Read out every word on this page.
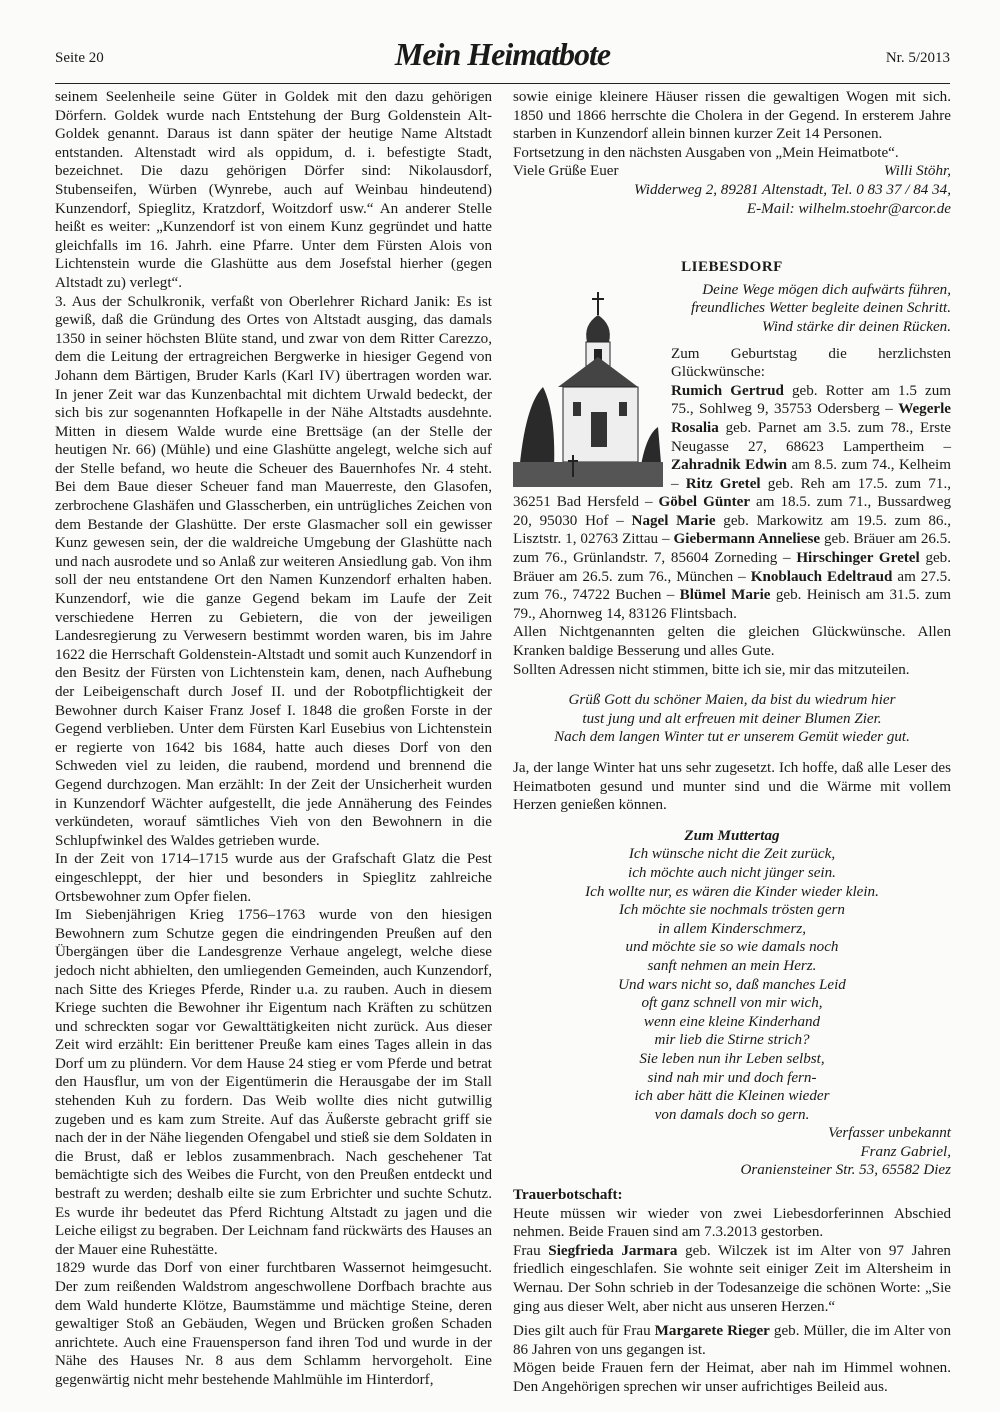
Seite 20	Mein Heimatbote	Nr. 5/2013

seinem Seelenheile seine Güter in Goldek mit den dazu gehörigen Dörfern. Goldek wurde nach Entstehung der Burg Goldenstein Alt-Goldek genannt. Daraus ist dann später der heutige Name Altstadt entstanden. Altenstadt wird als oppidum, d. i. befestigte Stadt, bezeichnet. Die dazu gehörigen Dörfer sind: Nikolausdorf, Stubenseifen, Würben (Wynrebe, auch auf Weinbau hindeutend) Kunzendorf, Spieglitz, Kratzdorf, Woitzdorf usw.“ An anderer Stelle heißt es weiter: „Kunzendorf ist von einem Kunz gegründet und hatte gleichfalls im 16. Jahrh. eine Pfarre. Unter dem Fürsten Alois von Lichtenstein wurde die Glashütte aus dem Josefstal hierher (gegen Altstadt zu) verlegt“.

3. Aus der Schulkronik, verfaßt von Oberlehrer Richard Janik: Es ist gewiß, daß die Gründung des Ortes von Altstadt ausging, das damals 1350 in seiner höchsten Blüte stand, und zwar von dem Ritter Carezzo, dem die Leitung der ertragreichen Bergwerke in hiesiger Gegend von Johann dem Bärtigen, Bruder Karls (Karl IV) übertragen worden war. In jener Zeit war das Kunzenbachtal mit dichtem Urwald bedeckt, der sich bis zur sogenannten Hofkapelle in der Nähe Altstadts ausdehnte. Mitten in diesem Walde wurde eine Brettsäge (an der Stelle der heutigen Nr. 66) (Mühle) und eine Glashütte angelegt, welche sich auf der Stelle befand, wo heute die Scheuer des Bauernhofes Nr. 4 steht. Bei dem Baue dieser Scheuer fand man Mauerreste, den Glasofen, zerbrochene Glashäfen und Glasscherben, ein untrügliches Zeichen von dem Bestande der Glashütte. Der erste Glasmacher soll ein gewisser Kunz gewesen sein, der die waldreiche Umgebung der Glashütte nach und nach ausrodete und so Anlaß zur weiteren Ansiedlung gab. Von ihm soll der neu entstandene Ort den Namen Kunzendorf erhalten haben. Kunzendorf, wie die ganze Gegend bekam im Laufe der Zeit verschiedene Herren zu Gebietern, die von der jeweiligen Landesregierung zu Verwesern bestimmt worden waren, bis im Jahre 1622 die Herrschaft Goldenstein-Altstadt und somit auch Kunzendorf in den Besitz der Fürsten von Lichtenstein kam, denen, nach Aufhebung der Leibeigenschaft durch Josef II. und der Robotpflichtigkeit der Bewohner durch Kaiser Franz Josef I. 1848 die großen Forste in der Gegend verblieben. Unter dem Fürsten Karl Eusebius von Lichtenstein er regierte von 1642 bis 1684, hatte auch dieses Dorf von den Schweden viel zu leiden, die raubend, mordend und brennend die Gegend durchzogen. Man erzählt: In der Zeit der Unsicherheit wurden in Kunzendorf Wächter aufgestellt, die jede Annäherung des Feindes verkündeten, worauf sämtliches Vieh von den Bewohnern in die Schlupfwinkel des Waldes getrieben wurde.

In der Zeit von 1714–1715 wurde aus der Grafschaft Glatz die Pest eingeschleppt, der hier und besonders in Spieglitz zahlreiche Ortsbewohner zum Opfer fielen.

Im Siebenjährigen Krieg 1756–1763 wurde von den hiesigen Bewohnern zum Schutze gegen die eindringenden Preußen auf den Übergängen über die Landesgrenze Verhaue angelegt, welche diese jedoch nicht abhielten, den umliegenden Gemeinden, auch Kunzendorf, nach Sitte des Krieges Pferde, Rinder u.a. zu rauben. Auch in diesem Kriege suchten die Bewohner ihr Eigentum nach Kräften zu schützen und schreckten sogar vor Gewalttätigkeiten nicht zurück. Aus dieser Zeit wird erzählt: Ein berittener Preuße kam eines Tages allein in das Dorf um zu plündern. Vor dem Hause 24 stieg er vom Pferde und betrat den Hausflur, um von der Eigentümerin die Herausgabe der im Stall stehenden Kuh zu fordern. Das Weib wollte dies nicht gutwillig zugeben und es kam zum Streite. Auf das Äußerste gebracht griff sie nach der in der Nähe liegenden Ofengabel und stieß sie dem Soldaten in die Brust, daß er leblos zusammenbrach. Nach geschehener Tat bemächtigte sich des Weibes die Furcht, von den Preußen entdeckt und bestraft zu werden; deshalb eilte sie zum Erbrichter und suchte Schutz. Es wurde ihr bedeutet das Pferd Richtung Altstadt zu jagen und die Leiche eiligst zu begraben. Der Leichnam fand rückwärts des Hauses an der Mauer eine Ruhestätte.

1829 wurde das Dorf von einer furchtbaren Wassernot heimgesucht. Der zum reißenden Waldstrom angeschwollene Dorfbach brachte aus dem Wald hunderte Klötze, Baumstämme und mächtige Steine, deren gewaltiger Stoß an Gebäuden, Wegen und Brücken großen Schaden anrichtete. Auch eine Frauensperson fand ihren Tod und wurde in der Nähe des Hauses Nr. 8 aus dem Schlamm hervorgeholt. Eine gegenwärtig nicht mehr bestehende Mahlmühle im Hinterdorf,

sowie einige kleinere Häuser rissen die gewaltigen Wogen mit sich. 1850 und 1866 herrschte die Cholera in der Gegend. In ersterem Jahre starben in Kunzendorf allein binnen kurzer Zeit 14 Personen.

Fortsetzung in den nächsten Ausgaben von „Mein Heimatbote“.

Viele Grüße Euer	Willi Stöhr,

Widderweg 2, 89281 Altenstadt, Tel. 0 83 37 / 84 34,

E-Mail: wilhelm.stoehr@arcor.de

LIEBESDORF
Deine Wege mögen dich aufwärts führen,
freundliches Wetter begleite deinen Schritt.
Wind stärke dir deinen Rücken.

Zum Geburtstag die herzlichsten Glückwünsche:

Rumich Gertrud geb. Rotter am 1.5 zum 75., Sohlweg 9, 35753 Odersberg – Wegerle Rosalia geb. Parnet am 3.5. zum 78., Erste Neugasse 27, 68623 Lampertheim – Zahradnik Edwin am 8.5. zum 74., Kelheim – Ritz Gretel geb. Reh am 17.5. zum 71., 36251 Bad Hersfeld – Göbel Günter am 18.5. zum 71., Bussardweg 20, 95030 Hof – Nagel Marie geb. Markowitz am 19.5. zum 86., Lisztstr. 1, 02763 Zittau – Giebermann Anneliese geb. Bräuer am 26.5. zum 76., Grünlandstr. 7, 85604 Zorneding – Hirschinger Gretel geb. Bräuer am 26.5. zum 76., München – Knoblauch Edeltraud am 27.5. zum 76., 74722 Buchen – Blümel Marie geb. Heinisch am 31.5. zum 79., Ahornweg 14, 83126 Flintsbach.

Allen Nichtgenannten gelten die gleichen Glückwünsche. Allen Kranken baldige Besserung und alles Gute.

Sollten Adressen nicht stimmen, bitte ich sie, mir das mitzuteilen.

Grüß Gott du schöner Maien, da bist du wiedrum hier
tust jung und alt erfreuen mit deiner Blumen Zier.
Nach dem langen Winter tut er unserem Gemüt wieder gut.

Ja, der lange Winter hat uns sehr zugesetzt. Ich hoffe, daß alle Leser des Heimatboten gesund und munter sind und die Wärme mit vollem Herzen genießen können.

Zum Muttertag
Ich wünsche nicht die Zeit zurück,
ich möchte auch nicht jünger sein.
Ich wollte nur, es wären die Kinder wieder klein.
Ich möchte sie nochmals trösten gern
in allem Kinderschmerz,
und möchte sie so wie damals noch
sanft nehmen an mein Herz.
Und wars nicht so, daß manches Leid
oft ganz schnell von mir wich,
wenn eine kleine Kinderhand
mir lieb die Stirne strich?
Sie leben nun ihr Leben selbst,
sind nah mir und doch fern-
ich aber hätt die Kleinen wieder
von damals doch so gern.

Verfasser unbekannt

Franz Gabriel,

Oraniensteiner Str. 53, 65582 Diez

Trauerbotschaft:

Heute müssen wir wieder von zwei Liebesdorferinnen Abschied nehmen. Beide Frauen sind am 7.3.2013 gestorben.

Frau Siegfrieda Jarmara geb. Wilczek ist im Alter von 97 Jahren friedlich eingeschlafen. Sie wohnte seit einiger Zeit im Altersheim in Wernau. Der Sohn schrieb in der Todesanzeige die schönen Worte: „Sie ging aus dieser Welt, aber nicht aus unseren Herzen.“

Dies gilt auch für Frau Margarete Rieger geb. Müller, die im Alter von 86 Jahren von uns gegangen ist.

Mögen beide Frauen fern der Heimat, aber nah im Himmel wohnen. Den Angehörigen sprechen wir unser aufrichtiges Beileid aus.
